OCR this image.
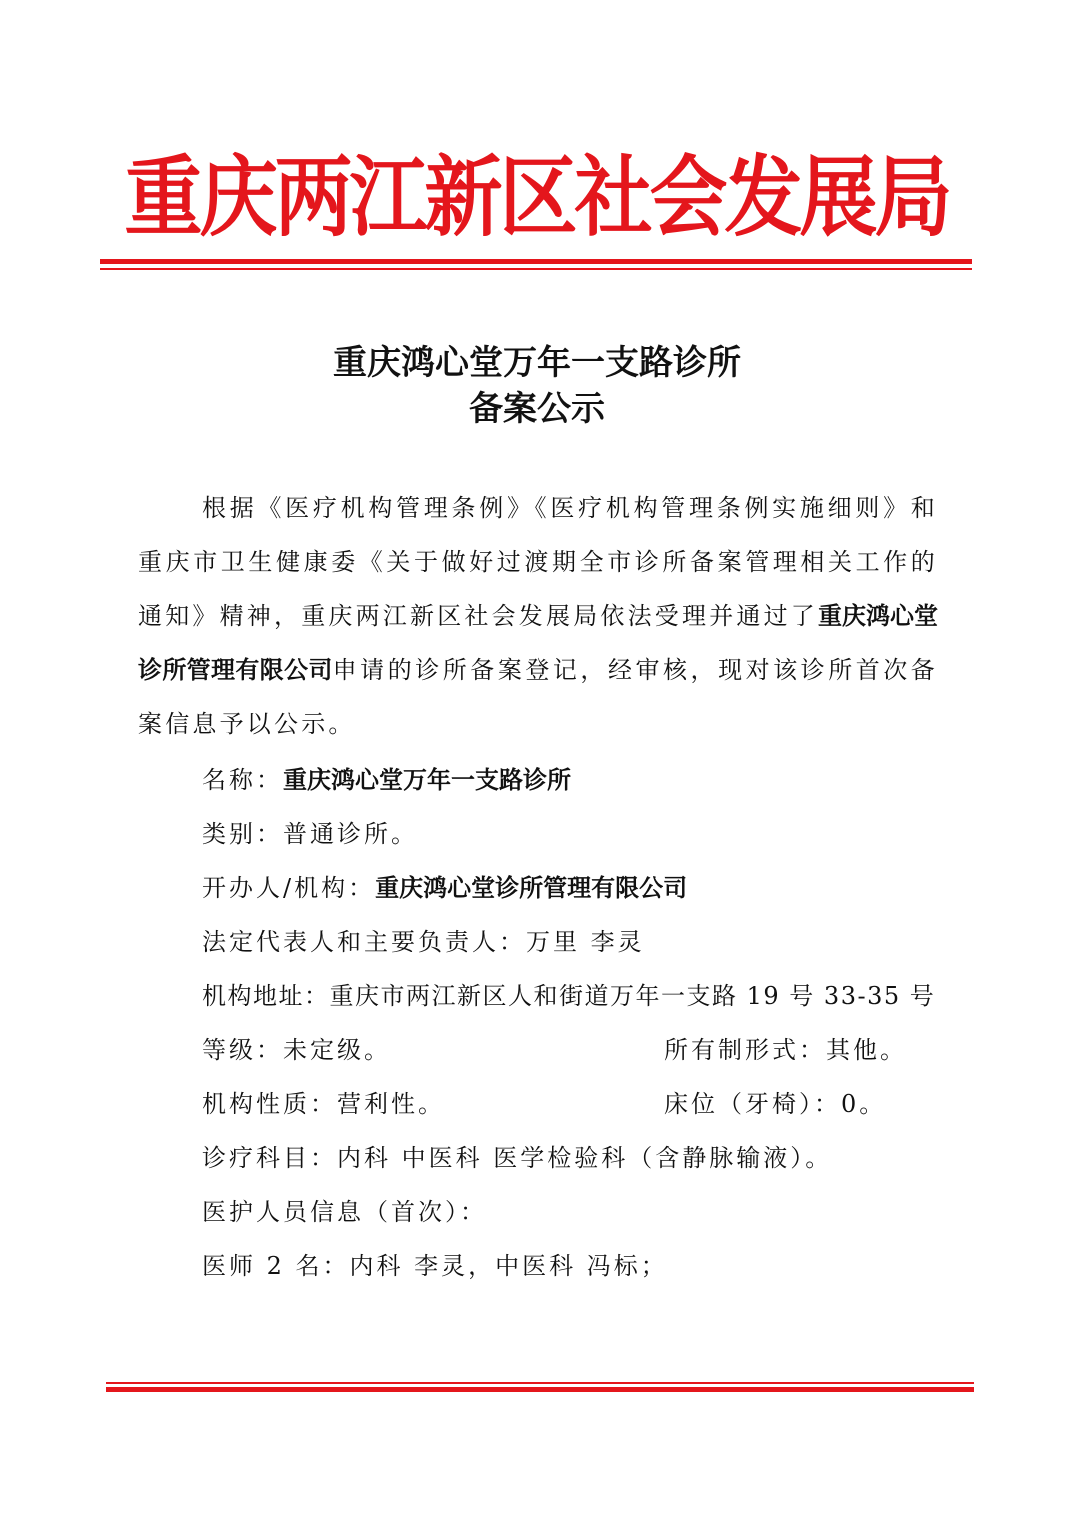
重庆两江新区社会发展局
重庆鸿心堂万年一支路诊所
备案公示
根据《医疗机构管理条例》《医疗机构管理条例实施细则》和重庆市卫生健康委《关于做好过渡期全市诊所备案管理相关工作的通知》精神，重庆两江新区社会发展局依法受理并通过了重庆鸿心堂诊所管理有限公司申请的诊所备案登记，经审核，现对该诊所首次备案信息予以公示。
名称：重庆鸿心堂万年一支路诊所
类别：普通诊所。
开办人/机构：重庆鸿心堂诊所管理有限公司
法定代表人和主要负责人：万里 李灵
机构地址：重庆市两江新区人和街道万年一支路 19 号 33-35 号
等级：未定级。	所有制形式：其他。
机构性质：营利性。	床位（牙椅）：0。
诊疗科目：内科 中医科 医学检验科（含静脉输液）。
医护人员信息（首次）：
医师 2 名：内科 李灵，中医科 冯标；
